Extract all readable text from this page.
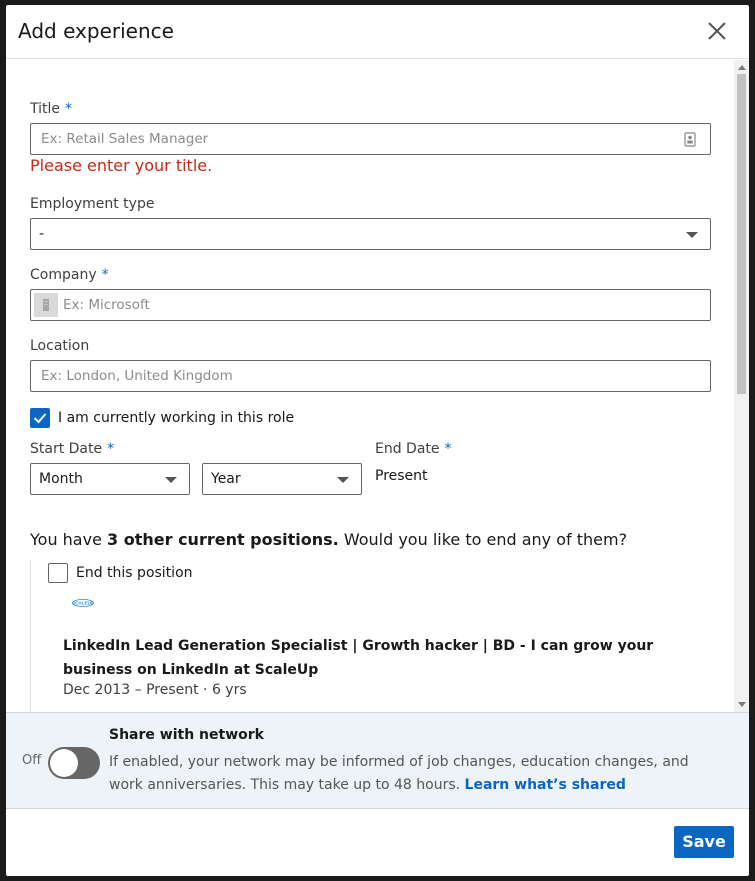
Add experience
Title *
Ex: Retail Sales Manager
Please enter your title.
Employment type
-
Company *
Ex: Microsoft
Location
Ex: London, United Kingdom
I am currently working in this role
Start Date *
Month	Year
End Date *
Present
You have 3 other current positions. Would you like to end any of them?
End this position
SCALEUP
LinkedIn Lead Generation Specialist | Growth hacker | BD - I can grow your business on LinkedIn at ScaleUp
Dec 2013 – Present · 6 yrs
Off
Share with network
If enabled, your network may be informed of job changes, education changes, and work anniversaries. This may take up to 48 hours. Learn what’s shared
Save
